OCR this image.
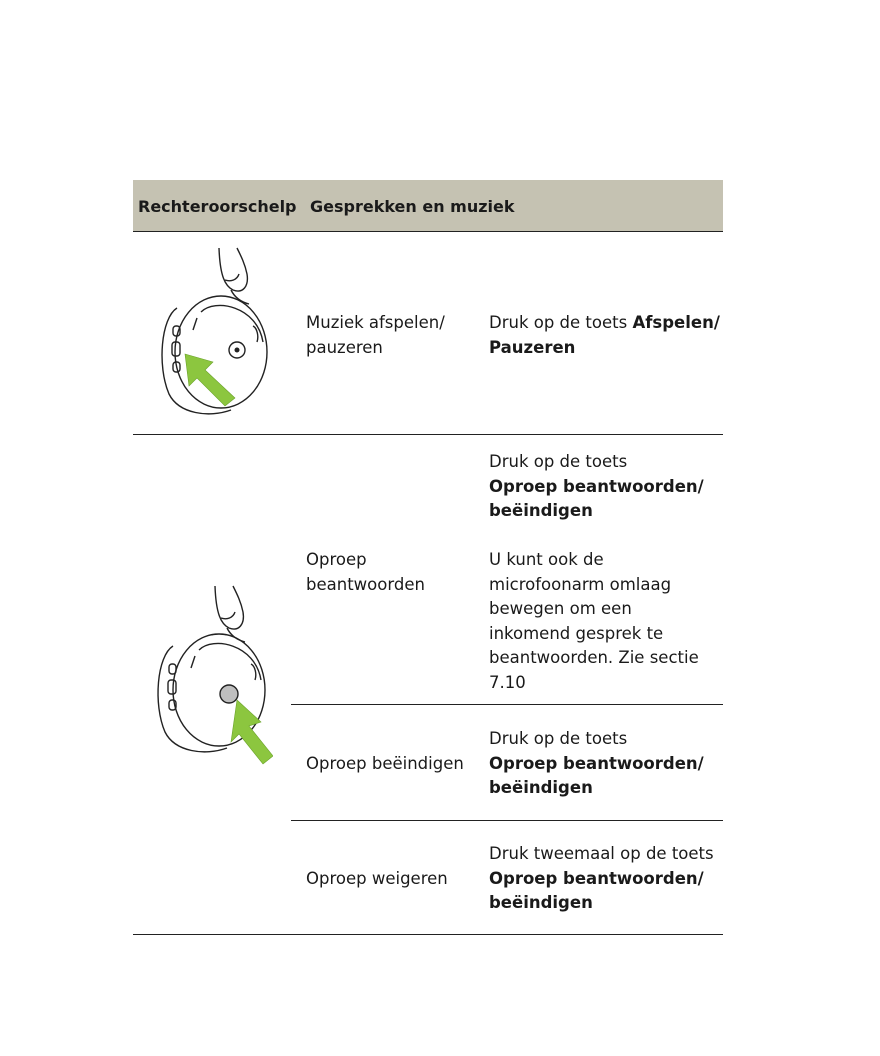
Rechteroorschelp Gesprekken en muziek
Muziek afspelen/
pauzeren
Druk op de toets Afspelen/
Pauzeren
Oproep
beantwoorden
Druk op de toets
Oproep beantwoorden/
beëindigen
U kunt ook de
microfoonarm omlaag
bewegen om een
inkomend gesprek te
beantwoorden. Zie sectie
7.10
Oproep beëindigen
Druk op de toets
Oproep beantwoorden/
beëindigen
Oproep weigeren
Druk tweemaal op de toets
Oproep beantwoorden/
beëindigen
